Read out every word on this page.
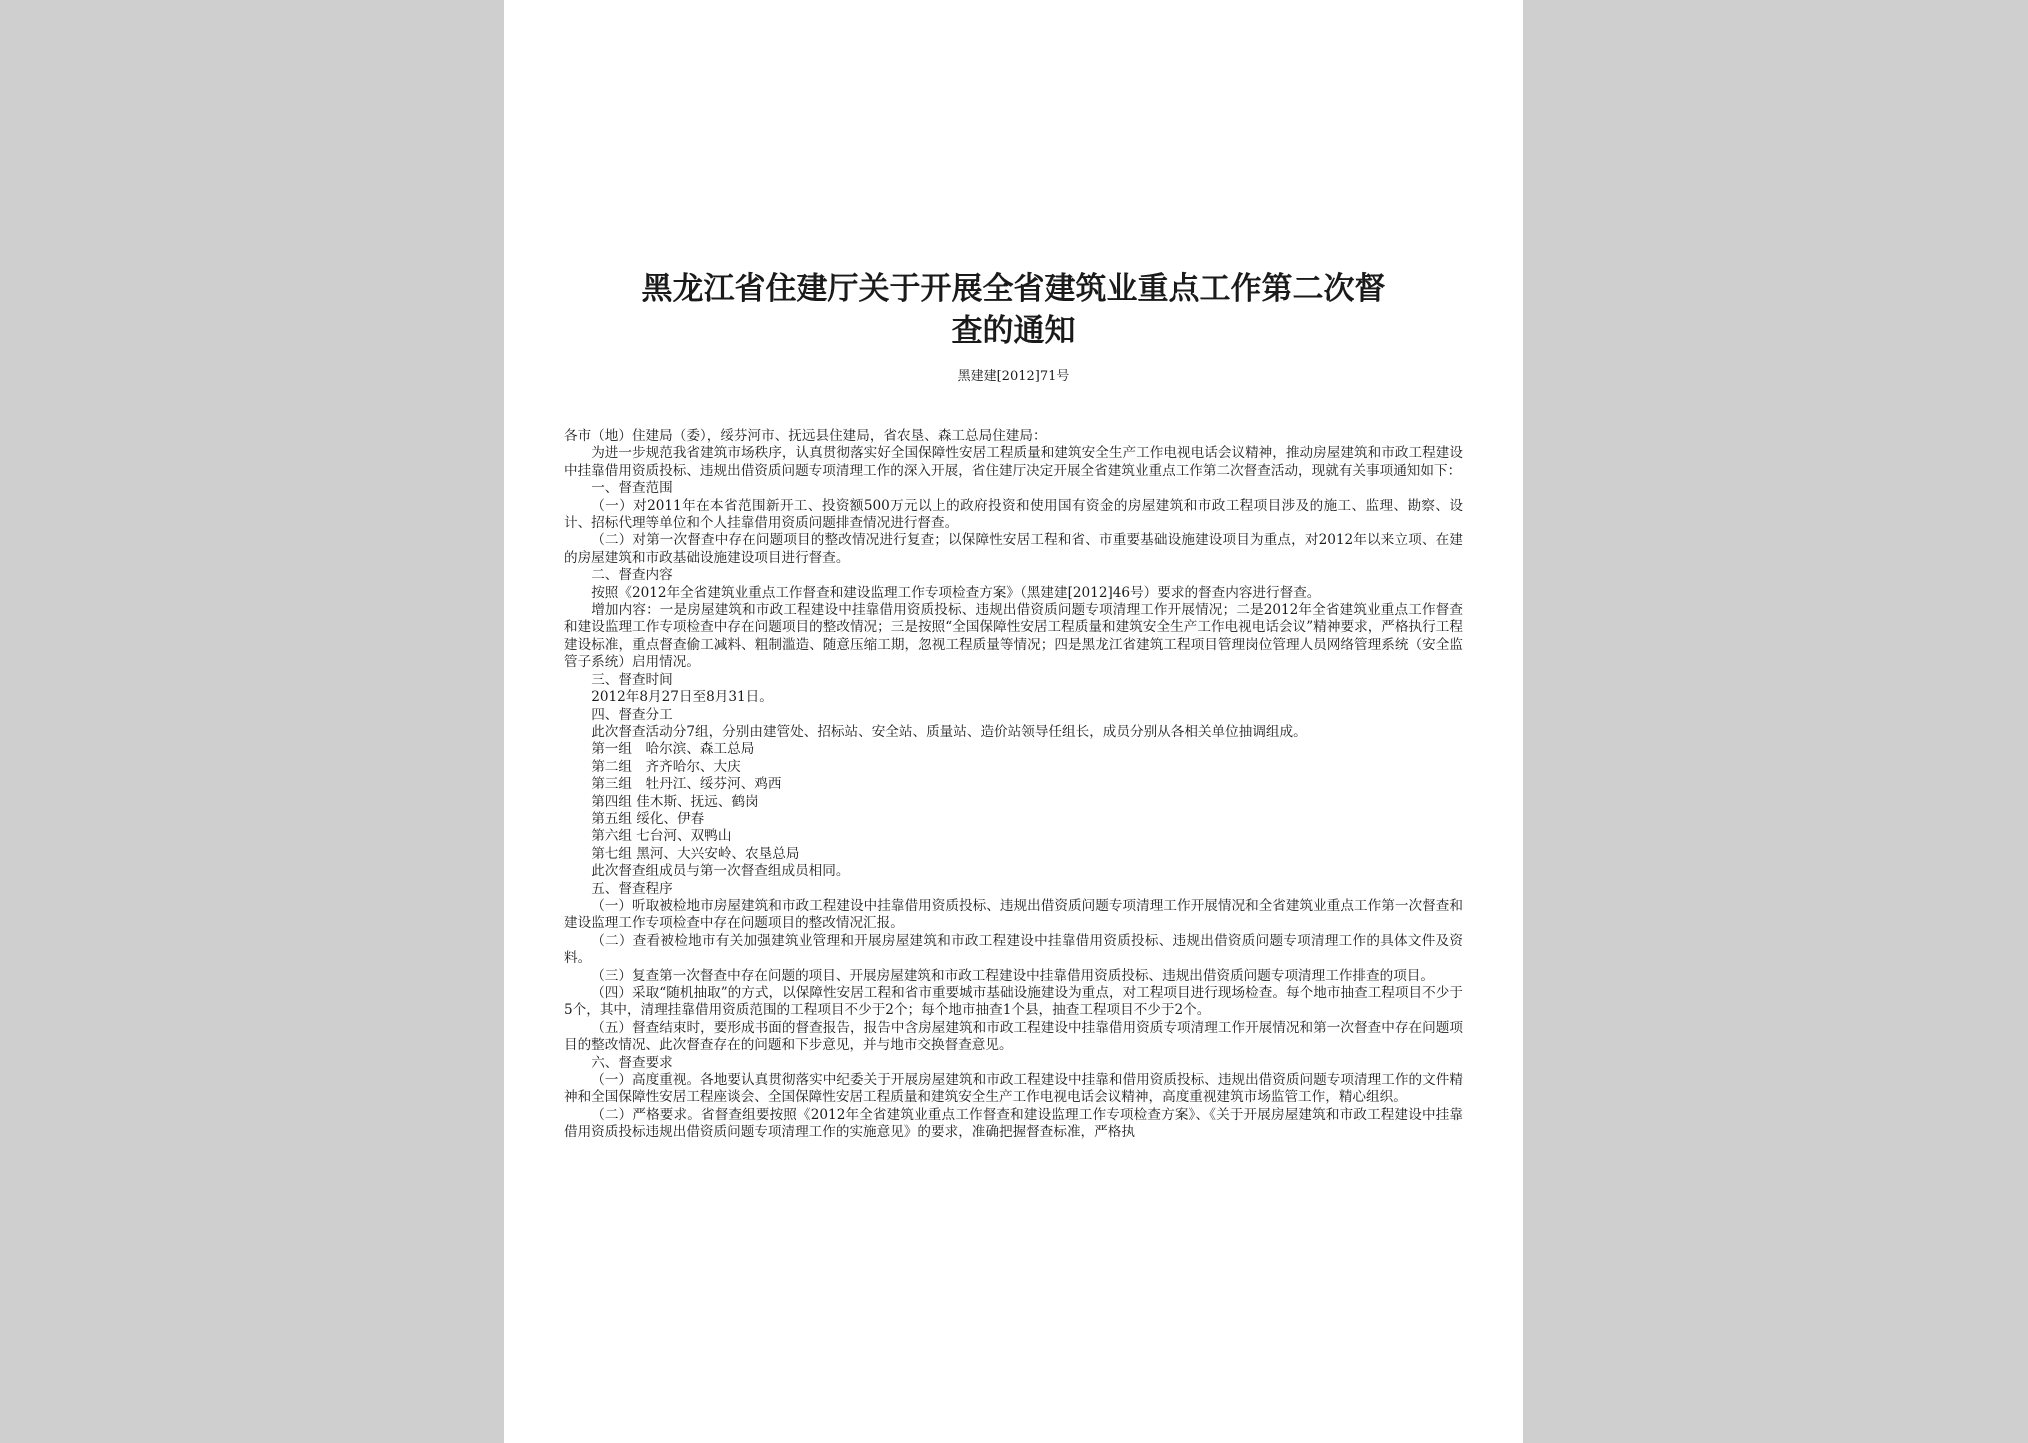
黑龙江省住建厅关于开展全省建筑业重点工作第二次督
查的通知
黑建建[2012]71号

各市（地）住建局（委），绥芬河市、抚远县住建局，省农垦、森工总局住建局：

为进一步规范我省建筑市场秩序，认真贯彻落实好全国保障性安居工程质量和建筑安全生产工作电视电话会议精神，推动房屋建筑和市政工程建设中挂靠借用资质投标、违规出借资质问题专项清理工作的深入开展，省住建厅决定开展全省建筑业重点工作第二次督查活动，现就有关事项通知如下：

一、督查范围

（一）对2011年在本省范围新开工、投资额500万元以上的政府投资和使用国有资金的房屋建筑和市政工程项目涉及的施工、监理、勘察、设计、招标代理等单位和个人挂靠借用资质问题排查情况进行督查。

（二）对第一次督查中存在问题项目的整改情况进行复查；以保障性安居工程和省、市重要基础设施建设项目为重点，对2012年以来立项、在建的房屋建筑和市政基础设施建设项目进行督查。

二、督查内容

按照《2012年全省建筑业重点工作督查和建设监理工作专项检查方案》（黑建建[2012]46号）要求的督查内容进行督查。

增加内容：一是房屋建筑和市政工程建设中挂靠借用资质投标、违规出借资质问题专项清理工作开展情况；二是2012年全省建筑业重点工作督查和建设监理工作专项检查中存在问题项目的整改情况；三是按照“全国保障性安居工程质量和建筑安全生产工作电视电话会议”精神要求，严格执行工程建设标准，重点督查偷工减料、粗制滥造、随意压缩工期，忽视工程质量等情况；四是黑龙江省建筑工程项目管理岗位管理人员网络管理系统（安全监管子系统）启用情况。

三、督查时间

2012年8月27日至8月31日。

四、督查分工

此次督查活动分7组，分别由建管处、招标站、安全站、质量站、造价站领导任组长，成员分别从各相关单位抽调组成。

第一组　哈尔滨、森工总局

第二组　齐齐哈尔、大庆

第三组　牡丹江、绥芬河、鸡西

第四组 佳木斯、抚远、鹤岗

第五组 绥化、伊春

第六组 七台河、双鸭山

第七组 黑河、大兴安岭、农垦总局

此次督查组成员与第一次督查组成员相同。

五、督查程序

（一）听取被检地市房屋建筑和市政工程建设中挂靠借用资质投标、违规出借资质问题专项清理工作开展情况和全省建筑业重点工作第一次督查和建设监理工作专项检查中存在问题项目的整改情况汇报。

（二）查看被检地市有关加强建筑业管理和开展房屋建筑和市政工程建设中挂靠借用资质投标、违规出借资质问题专项清理工作的具体文件及资料。

（三）复查第一次督查中存在问题的项目、开展房屋建筑和市政工程建设中挂靠借用资质投标、违规出借资质问题专项清理工作排查的项目。

（四）采取“随机抽取”的方式，以保障性安居工程和省市重要城市基础设施建设为重点，对工程项目进行现场检查。每个地市抽查工程项目不少于5个，其中，清理挂靠借用资质范围的工程项目不少于2个；每个地市抽查1个县，抽查工程项目不少于2个。

（五）督查结束时，要形成书面的督查报告，报告中含房屋建筑和市政工程建设中挂靠借用资质专项清理工作开展情况和第一次督查中存在问题项目的整改情况、此次督查存在的问题和下步意见，并与地市交换督查意见。

六、督查要求

（一）高度重视。各地要认真贯彻落实中纪委关于开展房屋建筑和市政工程建设中挂靠和借用资质投标、违规出借资质问题专项清理工作的文件精神和全国保障性安居工程座谈会、全国保障性安居工程质量和建筑安全生产工作电视电话会议精神，高度重视建筑市场监管工作，精心组织。

（二）严格要求。省督查组要按照《2012年全省建筑业重点工作督查和建设监理工作专项检查方案》、《关于开展房屋建筑和市政工程建设中挂靠借用资质投标违规出借资质问题专项清理工作的实施意见》的要求，准确把握督查标准，严格执
